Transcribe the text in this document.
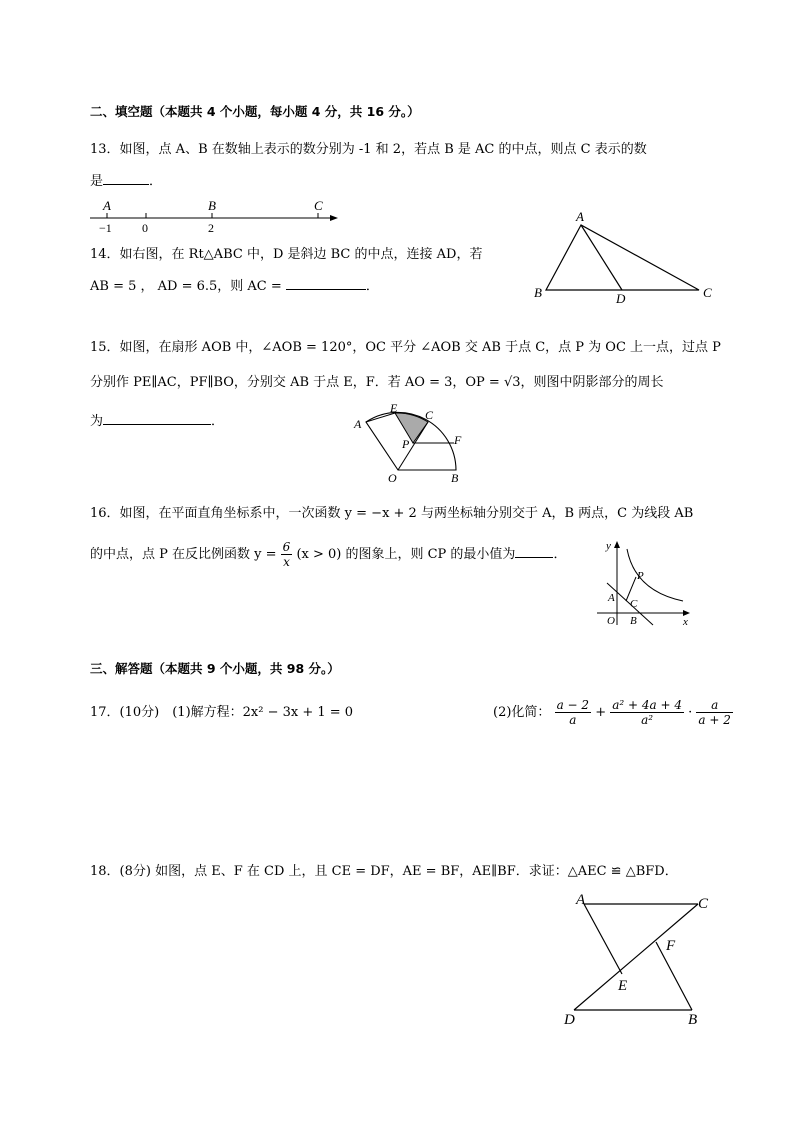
二、填空题（本题共 4 个小题，每小题 4 分，共 16 分。）
13．如图，点 A、B 在数轴上表示的数分别为 -1 和 2，若点 B 是 AC 的中点，则点 C 表示的数
是	．
A	B	C
−1	0	2
14．如右图，在 Rt△ABC 中，D 是斜边 BC 的中点，连接 AD，若
AB = 5 ， AD = 6.5，则 AC =	．
A
B	C
D
15．如图，在扇形 AOB 中，∠AOB = 120°，OC 平分 ∠AOB 交 AB 于点 C，点 P 为 OC 上一点，过点 P
分别作 PE∥AC，PF∥BO，分别交 AB 于点 E，F．若 AO = 3，OP = √3，则图中阴影部分的周长
为	．	A
E C
P	F
O	B
16．如图，在平面直角坐标系中，一次函数 y = −x + 2 与两坐标轴分别交于 A，B 两点，C 为线段 AB
的中点，点 P 在反比例函数 $y = \frac{6}{x} (x > 0)$ 的图象上，则 CP 的最小值为	．
y
x
P
A C
O B
三、解答题（本题共 9 个小题，共 98 分。）
17．(10分)　(1)解方程：2x² − 3x + 1 = 0	(2)化简： $\frac{a - 2}{a} + \frac{\text{a² + 4a + 4}}{\text{a²}} \cdot \frac{a}{a + 2}$
18．(8分) 如图，点 E、F 在 CD 上，且 CE = DF，AE = BF，AE∥BF．求证：△AEC ≌ △BFD．
A	C
F
E
D	B
